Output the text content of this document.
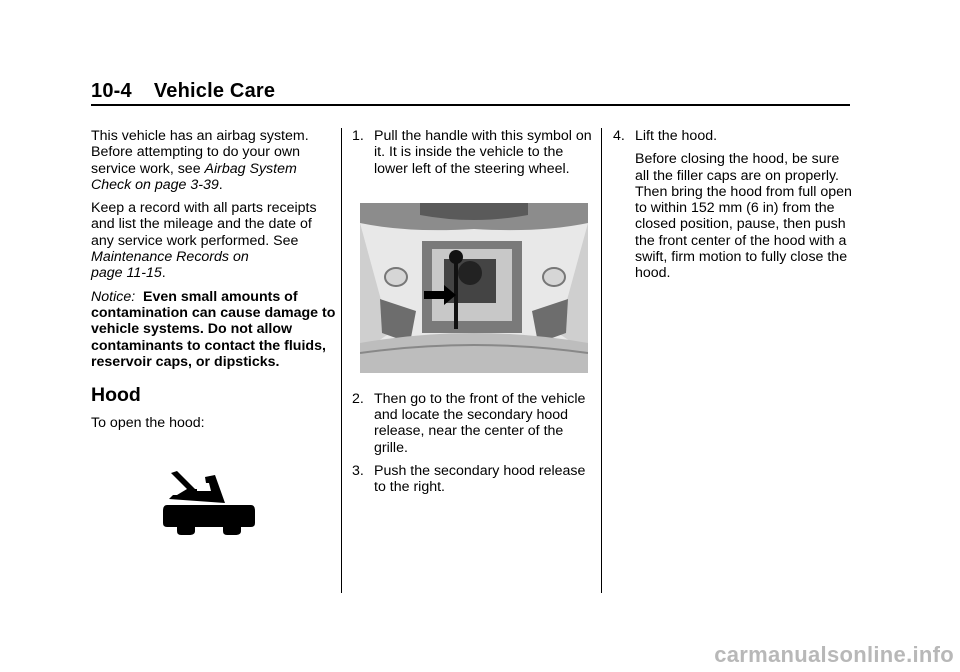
10-4 Vehicle Care

This vehicle has an airbag system. Before attempting to do your own service work, see Airbag System Check on page 3-39.

Keep a record with all parts receipts and list the mileage and the date of any service work performed. See Maintenance Records on
page 11-15.

Notice: Even small amounts of contamination can cause damage to vehicle systems. Do not allow contaminants to contact the fluids, reservoir caps, or dipsticks.

Hood

To open the hood:

1. Pull the handle with this symbol on it. It is inside the vehicle to the lower left of the steering wheel.
2. Then go to the front of the vehicle and locate the secondary hood release, near the center of the grille.
3. Push the secondary hood release to the right.
4. Lift the hood.

Before closing the hood, be sure all the filler caps are on properly. Then bring the hood from full open to within 152 mm (6 in) from the closed position, pause, then push the front center of the hood with a swift, firm motion to fully close the hood.

carmanualsonline.info
